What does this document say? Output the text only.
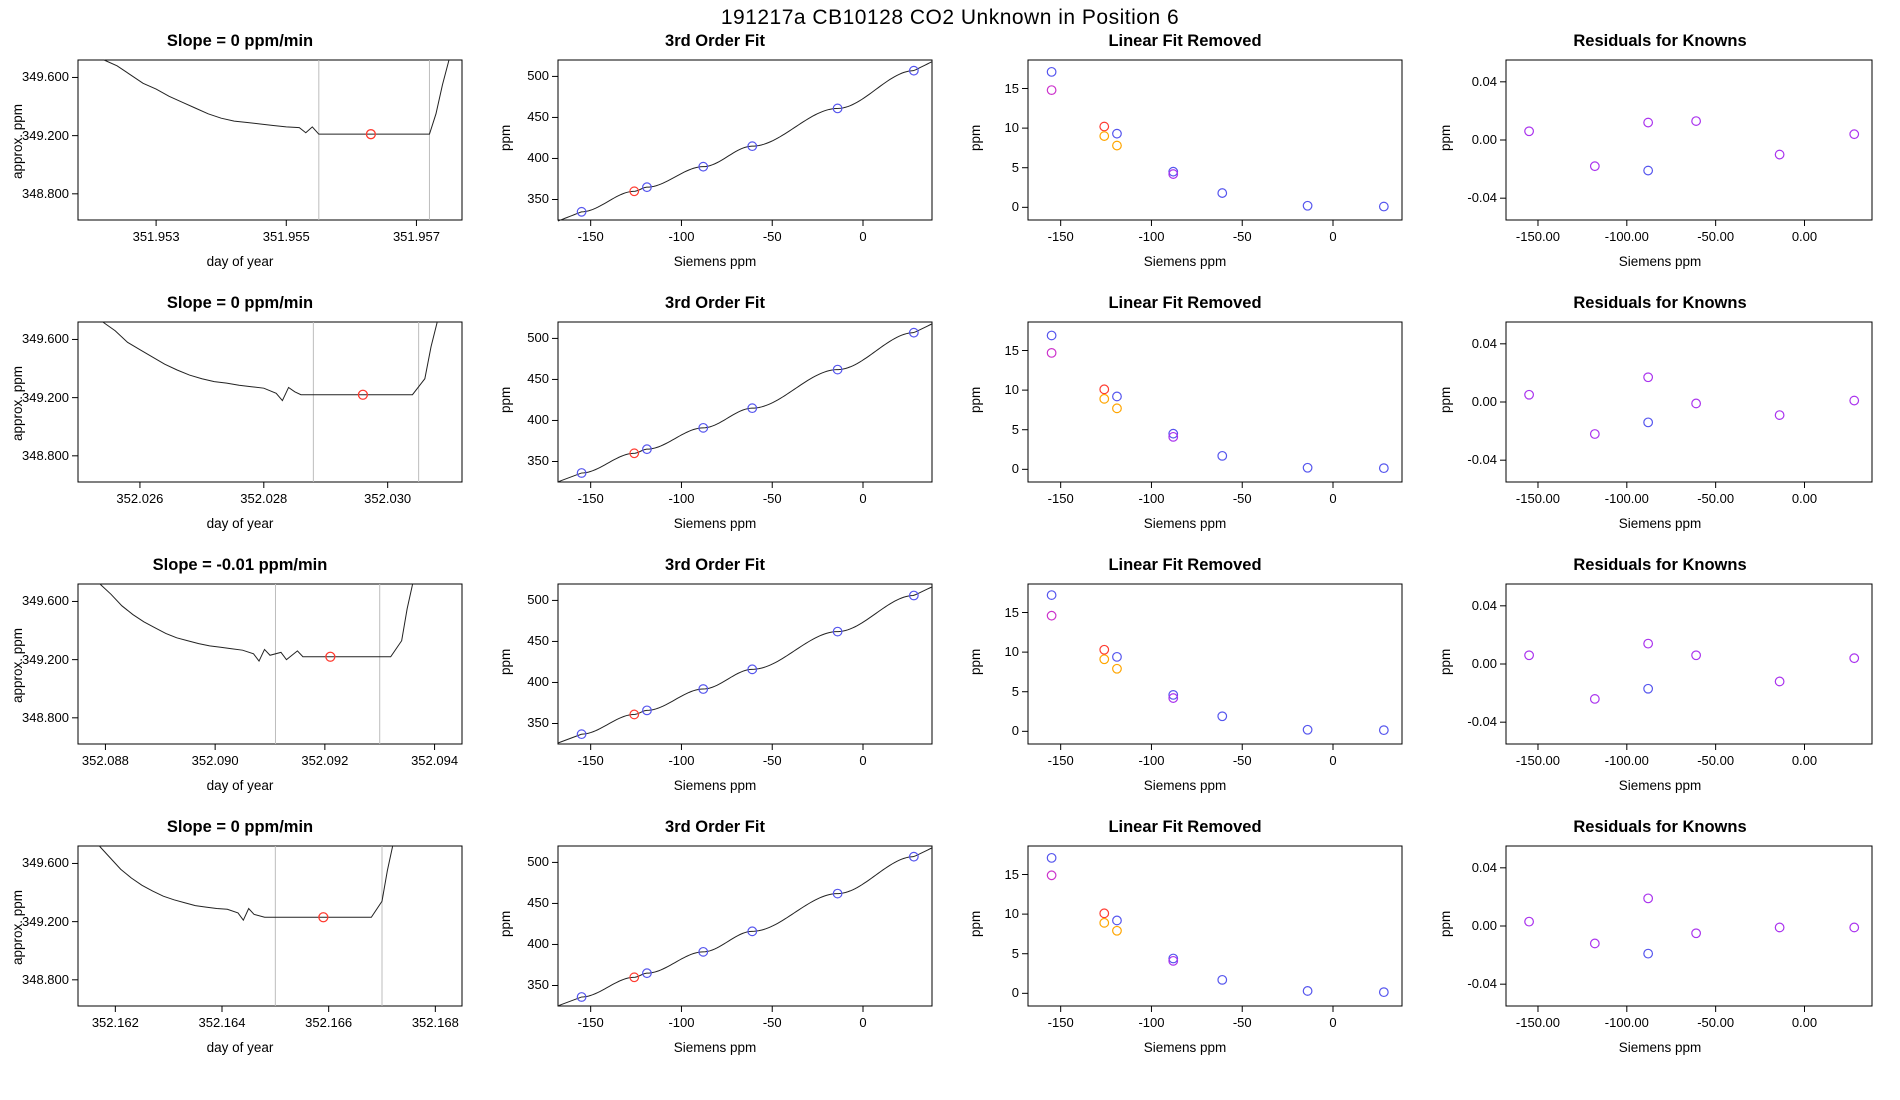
191217a CB10128 CO2 Unknown in Position 6
Slope = 0 ppm/min
351.953	351.955	351.957
348.800
349.200
349.600
day of year
approx. ppm
3rd Order Fit
-150	-100	-50	0
350
400
450
500
Siemens ppm
ppm
Linear Fit Removed
-150	-100	-50	0
0
5
10
15
Siemens ppm
ppm
Residuals for Knowns
-150.00	-100.00	-50.00	0.00
-0.04
0.00
0.04
Siemens ppm
ppm
Slope = 0 ppm/min
352.026	352.028	352.030
348.800
349.200
349.600
day of year
approx. ppm
3rd Order Fit
-150	-100	-50	0
350
400
450
500
Siemens ppm
ppm
Linear Fit Removed
-150	-100	-50	0
0
5
10
15
Siemens ppm
ppm
Residuals for Knowns
-150.00	-100.00	-50.00	0.00
-0.04
0.00
0.04
Siemens ppm
ppm
Slope = -0.01 ppm/min
352.088	352.090	352.092	352.094
348.800
349.200
349.600
day of year
approx. ppm
3rd Order Fit
-150	-100	-50	0
350
400
450
500
Siemens ppm
ppm
Linear Fit Removed
-150	-100	-50	0
0
5
10
15
Siemens ppm
ppm
Residuals for Knowns
-150.00	-100.00	-50.00	0.00
-0.04
0.00
0.04
Siemens ppm
ppm
Slope = 0 ppm/min
352.162	352.164	352.166	352.168
348.800
349.200
349.600
day of year
approx. ppm
3rd Order Fit
-150	-100	-50	0
350
400
450
500
Siemens ppm
ppm
Linear Fit Removed
-150	-100	-50	0
0
5
10
15
Siemens ppm
ppm
Residuals for Knowns
-150.00	-100.00	-50.00	0.00
-0.04
0.00
0.04
Siemens ppm
ppm
